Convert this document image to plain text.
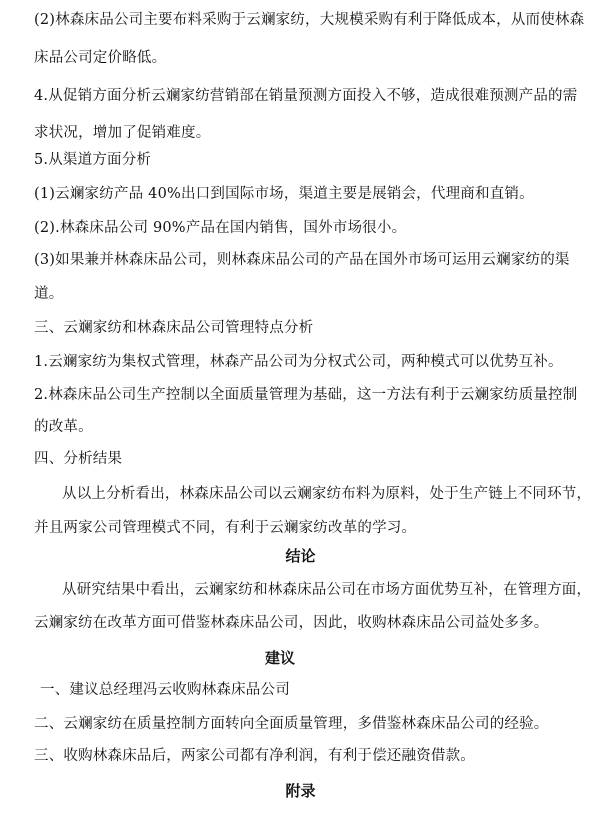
(2)林森床品公司主要布料采购于云斓家纺，大规模采购有利于降低成本，从而使林森
床品公司定价略低。
4.从促销方面分析云斓家纺营销部在销量预测方面投入不够，造成很难预测产品的需
求状况，增加了促销难度。
5.从渠道方面分析
(1)云斓家纺产品 40%出口到国际市场，渠道主要是展销会，代理商和直销。
(2).林森床品公司 90%产品在国内销售，国外市场很小。
(3)如果兼并林森床品公司，则林森床品公司的产品在国外市场可运用云斓家纺的渠
道。
三、云斓家纺和林森床品公司管理特点分析
1.云斓家纺为集权式管理，林森产品公司为分权式公司，两种模式可以优势互补。
2.林森床品公司生产控制以全面质量管理为基础，这一方法有利于云斓家纺质量控制
的改革。
四、分析结果
从以上分析看出，林森床品公司以云斓家纺布料为原料，处于生产链上不同环节，
并且两家公司管理模式不同，有利于云斓家纺改革的学习。
结论
从研究结果中看出，云斓家纺和林森床品公司在市场方面优势互补，在管理方面，
云斓家纺在改革方面可借鉴林森床品公司，因此，收购林森床品公司益处多多。
建议
一、建议总经理冯云收购林森床品公司
二、云斓家纺在质量控制方面转向全面质量管理，多借鉴林森床品公司的经验。
三、收购林森床品后，两家公司都有净利润，有利于偿还融资借款。
附录
